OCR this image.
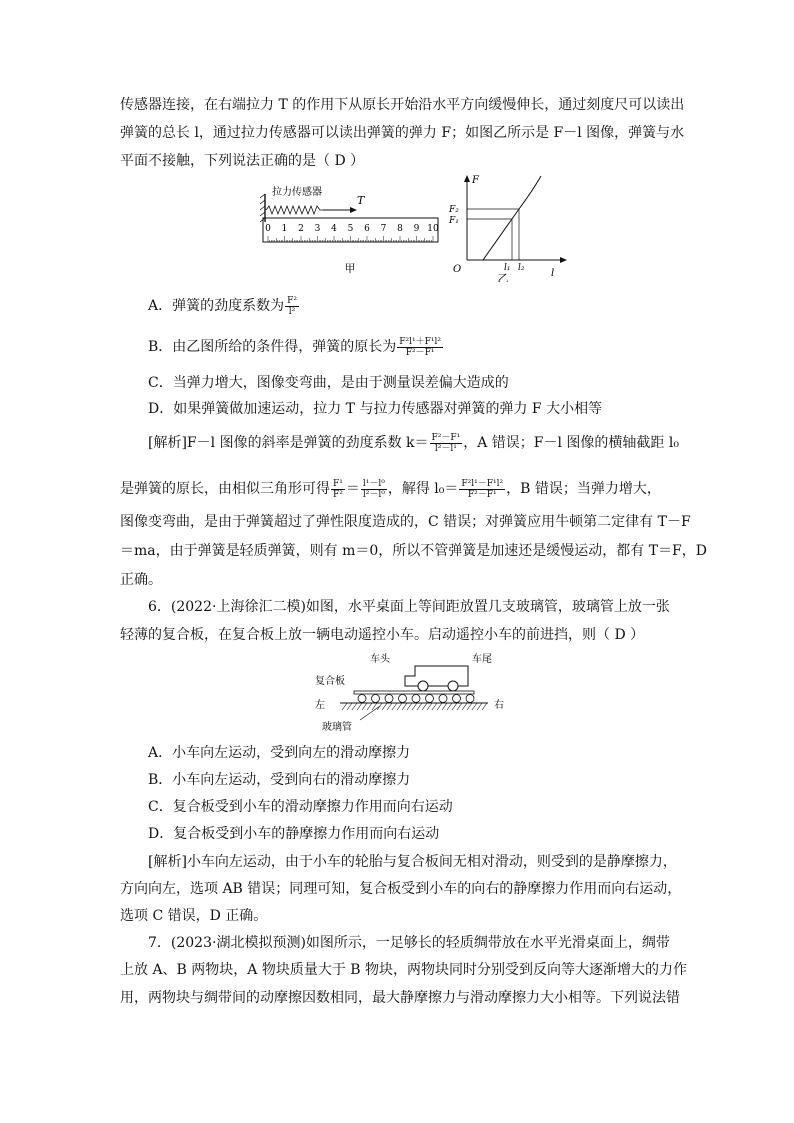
传感器连接，在右端拉力 T 的作用下从原长开始沿水平方向缓慢伸长，通过刻度尺可以读出
弹簧的总长 l，通过拉力传感器可以读出弹簧的弹力 F；如图乙所示是 F－l 图像，弹簧与水
平面不接触，下列说法正确的是（ D ）
拉力传感器
T
0 1 2 3 4 5 6 7 8 9 10
甲
F
l
O
F₂
F₁
l₁ l₂
乙
A．弹簧的劲度系数为 $\frac{\text{F²}}{\text{l²}}$
B．由乙图所给的条件得，弹簧的原长为 $\frac{\text{F²l¹＋F¹l²}}{\text{F²－F¹}}$
C．当弹力增大，图像变弯曲，是由于测量误差偏大造成的
D．如果弹簧做加速运动，拉力 T 与拉力传感器对弹簧的弹力 F 大小相等
[解析]F－l 图像的斜率是弹簧的劲度系数 $k= \frac{\text{F²－F¹}}{\text{l²－l¹}}$ ，A 错误；F－l 图像的横轴截距 l₀
是弹簧的原长，由相似三角形可得 $\frac{\text{F¹}}{\text{F²}} = \frac{\text{l¹－l⁰}}{\text{l²－l⁰}}$ ，解得 $l_0= \frac{\text{F²l¹－F¹l²}}{\text{F²－F¹}}$ ，B 错误；当弹力增大，
图像变弯曲，是由于弹簧超过了弹性限度造成的，C 错误；对弹簧应用牛顿第二定律有 T－F
＝ma，由于弹簧是轻质弹簧，则有 m＝0，所以不管弹簧是加速还是缓慢运动，都有 T＝F，D
正确。
6．(2022·上海徐汇二模)如图，水平桌面上等间距放置几支玻璃管，玻璃管上放一张
轻薄的复合板，在复合板上放一辆电动遥控小车。启动遥控小车的前进挡，则（ D ）
车头	车尾
复合板
左	右
玻璃管
A．小车向左运动，受到向左的滑动摩擦力
B．小车向左运动，受到向右的滑动摩擦力
C．复合板受到小车的滑动摩擦力作用而向右运动
D．复合板受到小车的静摩擦力作用而向右运动
[解析]小车向左运动，由于小车的轮胎与复合板间无相对滑动，则受到的是静摩擦力，
方向向左，选项 AB 错误；同理可知，复合板受到小车的向右的静摩擦力作用而向右运动，
选项 C 错误，D 正确。
7．(2023·湖北模拟预测)如图所示，一足够长的轻质绸带放在水平光滑桌面上，绸带
上放 A、B 两物块，A 物块质量大于 B 物块，两物块同时分别受到反向等大逐渐增大的力作
用，两物块与绸带间的动摩擦因数相同，最大静摩擦力与滑动摩擦力大小相等。下列说法错
